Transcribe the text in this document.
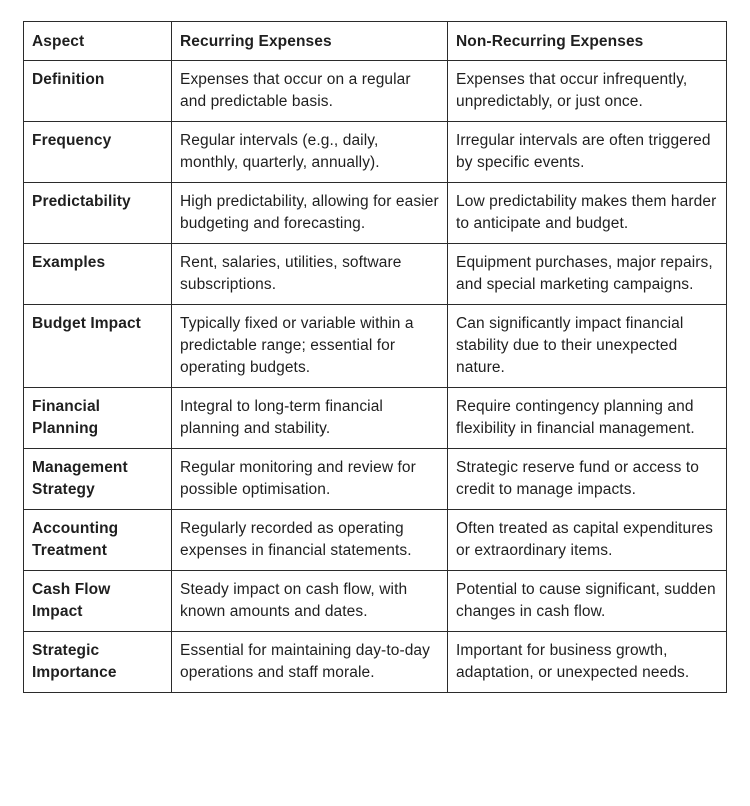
Aspect	Recurring Expenses	Non-Recurring Expenses
Definition	Expenses that occur on a regular and predictable basis.	Expenses that occur infrequently, unpredictably, or just once.
Frequency	Regular intervals (e.g., daily, monthly, quarterly, annually).	Irregular intervals are often triggered by specific events.
Predictability	High predictability, allowing for easier budgeting and forecasting.	Low predictability makes them harder to anticipate and budget.
Examples	Rent, salaries, utilities, software subscriptions.	Equipment purchases, major repairs, and special marketing campaigns.
Budget Impact	Typically fixed or variable within a predictable range; essential for operating budgets.	Can significantly impact financial stability due to their unexpected nature.
Financial Planning	Integral to long-term financial planning and stability.	Require contingency planning and flexibility in financial management.
Management Strategy	Regular monitoring and review for possible optimisation.	Strategic reserve fund or access to credit to manage impacts.
Accounting Treatment	Regularly recorded as operating expenses in financial statements.	Often treated as capital expenditures or extraordinary items.
Cash Flow Impact	Steady impact on cash flow, with known amounts and dates.	Potential to cause significant, sudden changes in cash flow.
Strategic Importance	Essential for maintaining day-to-day operations and staff morale.	Important for business growth, adaptation, or unexpected needs.
